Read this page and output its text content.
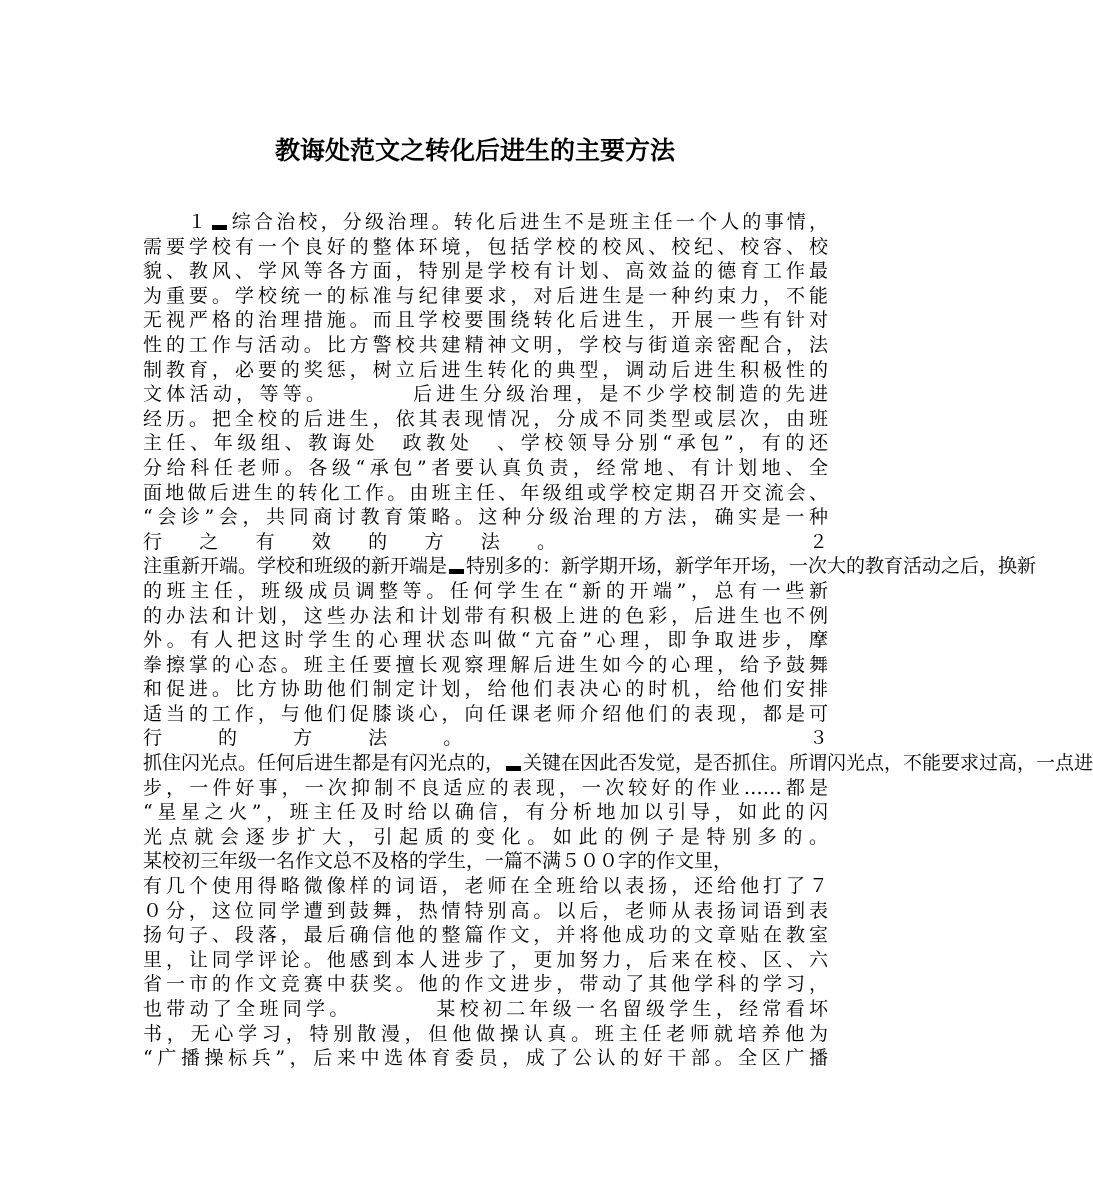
教诲处范文之转化后进生的主要方法
　　１ 综合治校，分级治理。转化后进生不是班主任一个人的事情，
需要学校有一个良好的整体环境，包括学校的校风、校纪、校容、校
貌、教风、学风等各方面，特别是学校有计划、高效益的德育工作最
为重要。学校统一的标准与纪律要求，对后进生是一种约束力，不能
无视严格的治理措施。而且学校要围绕转化后进生，开展一些有针对
性的工作与活动。比方警校共建精神文明，学校与街道亲密配合，法
制教育，必要的奖惩，树立后进生转化的典型，调动后进生积极性的
文体活动，等等。　　　　后进生分级治理，是不少学校制造的先进
经历。把全校的后进生，依其表现情况，分成不同类型或层次，由班
主任、年级组、教诲处　政教处　、学校领导分别“承包”，有的还
分给科任老师。各级“承包”者要认真负责，经常地、有计划地、全
面地做后进生的转化工作。由班主任、年级组或学校定期召开交流会、
“会诊”会，共同商讨教育策略。这种分级治理的方法，确实是一种
行之有效的方法。　　　　２
注重新开端。学校和班级的新开端是 特别多的：新学期开场，新学年开场，一次大的教育活动之后，换新
的班主任，班级成员调整等。任何学生在“新的开端”，总有一些新
的办法和计划，这些办法和计划带有积极上进的色彩，后进生也不例
外。有人把这时学生的心理状态叫做“亢奋”心理，即争取进步，摩
拳擦掌的心态。班主任要擅长观察理解后进生如今的心理，给予鼓舞
和促进。比方协助他们制定计划，给他们表决心的时机，给他们安排
适当的工作，与他们促膝谈心，向任课老师介绍他们的表现，都是可
行的方法。　　　　３
抓住闪光点。任何后进生都是有闪光点的， 关键在因此否发觉，是否抓住。所谓闪光点，不能要求过高，一点进
步，一件好事，一次抑制不良适应的表现，一次较好的作业……都是
“星星之火”，班主任及时给以确信，有分析地加以引导，如此的闪
光点就会逐步扩大，引起质的变化。如此的例子是特别多的。
某校初三年级一名作文总不及格的学生，一篇不满５００字的作文里，
有几个使用得略微像样的词语，老师在全班给以表扬，还给他打了７
０分，这位同学遭到鼓舞，热情特别高。以后，老师从表扬词语到表
扬句子、段落，最后确信他的整篇作文，并将他成功的文章贴在教室
里，让同学评论。他感到本人进步了，更加努力，后来在校、区、六
省一市的作文竞赛中获奖。他的作文进步，带动了其他学科的学习，
也带动了全班同学。　　　　某校初二年级一名留级学生，经常看坏
书，无心学习，特别散漫，但他做操认真。班主任老师就培养他为
“广播操标兵”，后来中选体育委员，成了公认的好干部。全区广播
